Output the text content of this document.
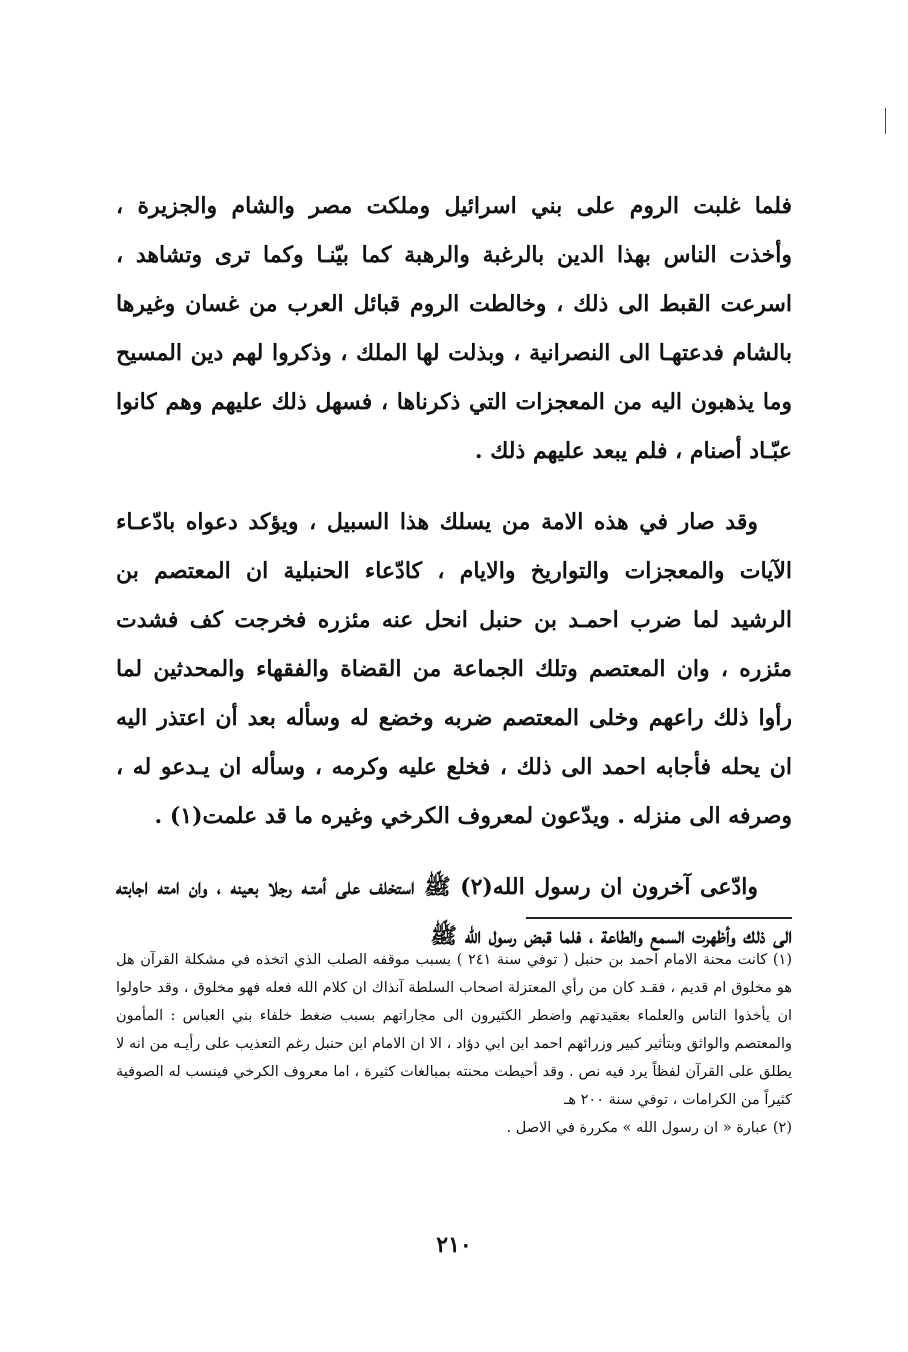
فلما غلبت الروم على بني اسرائيل وملكت مصر والشام والجزيرة ، وأخذت الناس بهذا الدين بالرغبة والرهبة كما بيّنـا وكما ترى وتشاهد ، اسرعت القبط الى ذلك ، وخالطت الروم قبائل العرب من غسان وغيرها بالشام فدعتهـا الى النصرانية ، وبذلت لها الملك ، وذكروا لهم دين المسيح وما يذهبون اليه من المعجزات التي ذكرناها ، فسهل ذلك عليهم وهم كانوا عبّـاد أصنام ، فلم يبعد عليهم ذلك .

وقد صار في هذه الامة من يسلك هذا السبيل ، ويؤكد دعواه بادّعـاء الآيات والمعجزات والتواريخ والايام ، كادّعاء الحنبلية ان المعتصم بن الرشيد لما ضرب احمـد بن حنبل انحل عنه مئزره فخرجت كف فشدت مئزره ، وان المعتصم وتلك الجماعة من القضاة والفقهاء والمحدثين لما رأوا ذلك راعهم وخلى المعتصم ضربه وخضع له وسأله بعد أن اعتذر اليه ان يحله فأجابه احمد الى ذلك ، فخلع عليه وكرمه ، وسأله ان يـدعو له ، وصرفه الى منزله . ويدّعون لمعروف الكرخي وغيره ما قد علمت(١) .

وادّعى آخرون ان رسول الله(٢) ﷺ استخلف على أمتـه رجلا بعينه ، وان امته اجابته الى ذلك وأظهرت السمع والطاعة ، فلما قبض رسول الله ﷺ

(١) كانت محنة الامام احمد بن حنبل ( توفي سنة ٢٤١ ) بسبب موقفه الصلب الذي اتخذه في مشكلة القرآن هل هو مخلوق ام قديم ، فقـد كان من رأي المعتزلة اصحاب السلطة آنذاك ان كلام الله فعله فهو مخلوق ، وقد حاولوا ان يأخذوا الناس والعلماء بعقيدتهم واضطر الكثيرون الى مجاراتهم بسبب ضغط خلفاء بني العباس : المأمون والمعتصم والواثق وبتأثير كبير وزرائهم احمد ابن ابي دؤاد ، الا ان الامام ابن حنبل رغم التعذيب على رأيـه من انه لا يطلق على القرآن لفظاً يرد فيه نص . وقد أحيطت محنته بمبالغات كثيرة ، اما معروف الكرخي فينسب له الصوفية كثيراً من الكرامات ، توفي سنة ٢٠٠ هـ

(٢) عبارة « ان رسول الله » مكررة في الاصل .

٢١٠
